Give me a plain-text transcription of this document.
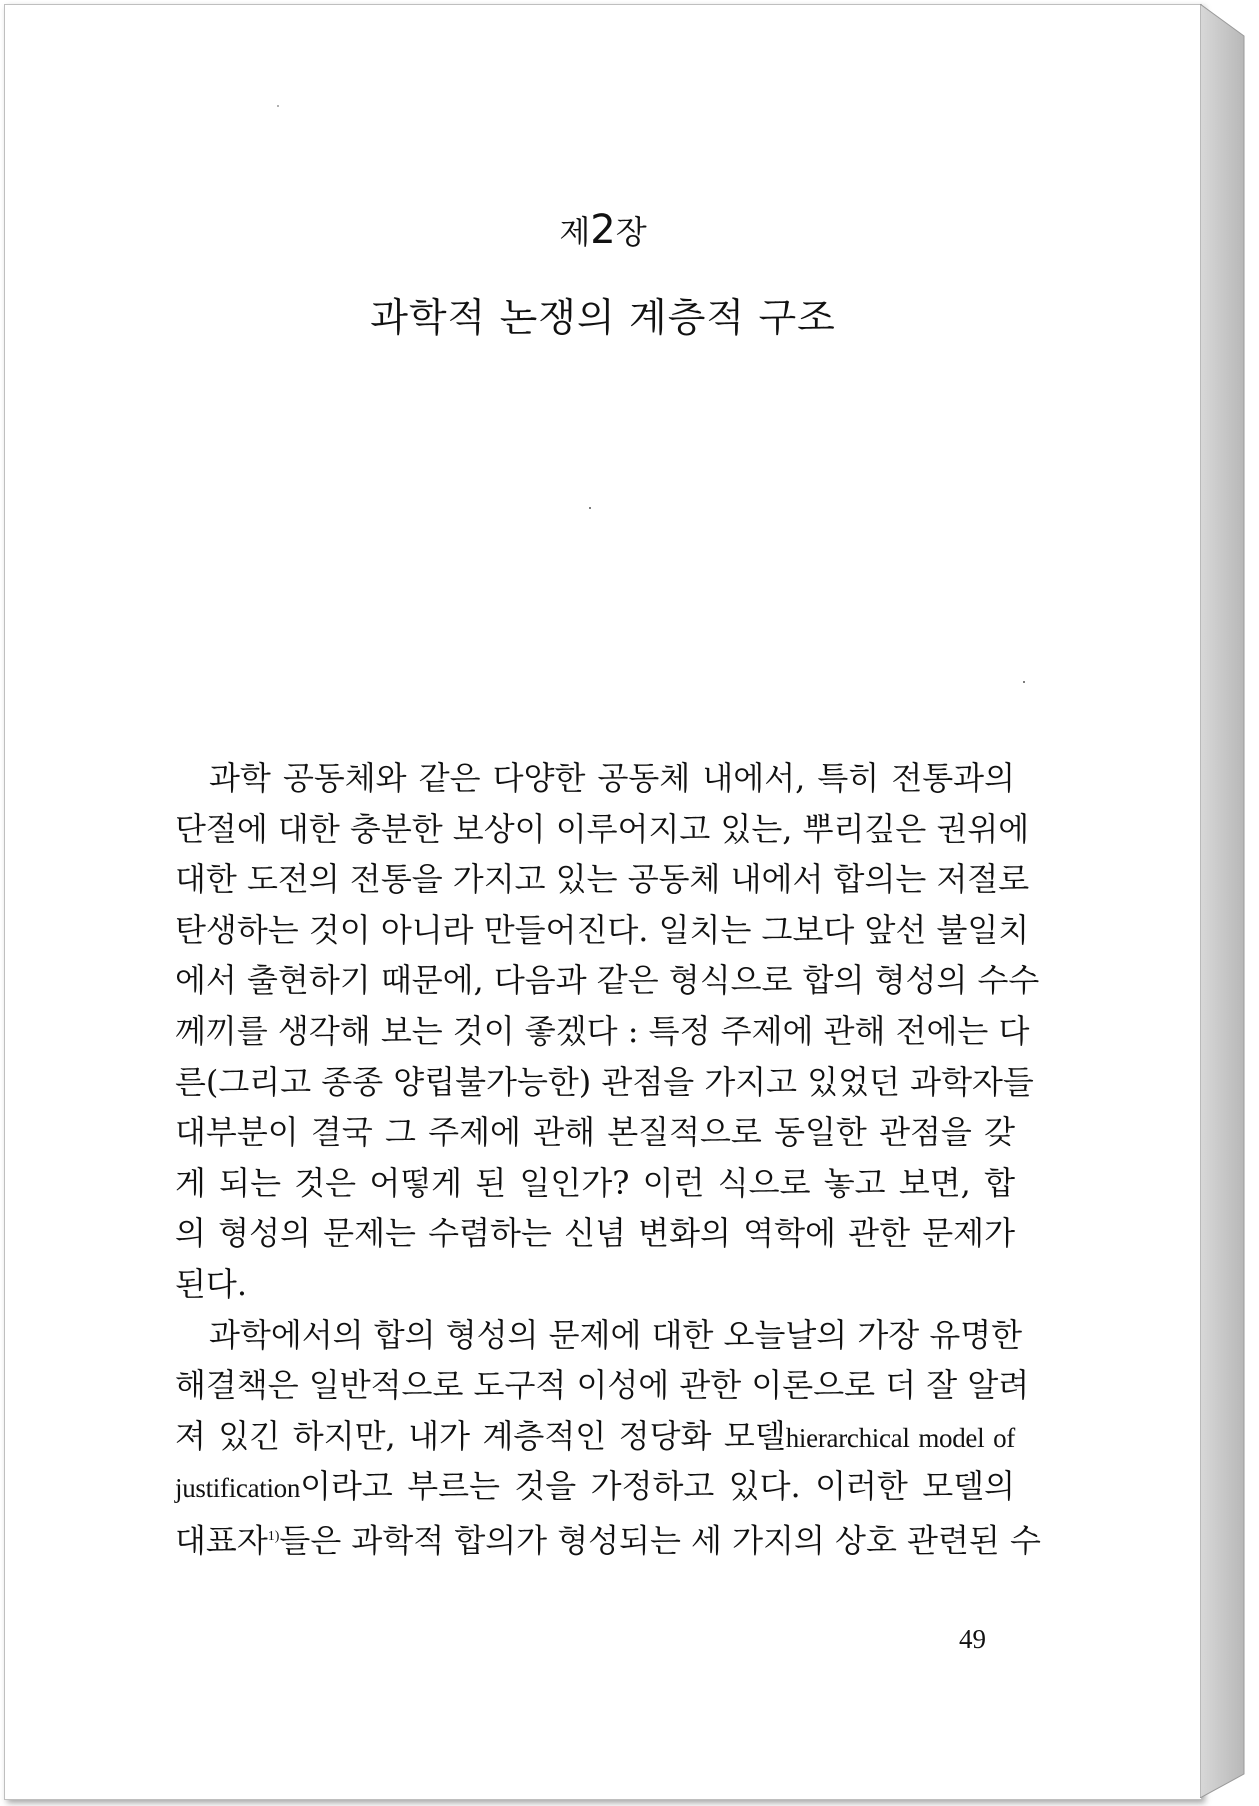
제2장
과학적 논쟁의 계층적 구조
과학 공동체와 같은 다양한 공동체 내에서, 특히 전통과의
단절에 대한 충분한 보상이 이루어지고 있는, 뿌리깊은 권위에
대한 도전의 전통을 가지고 있는 공동체 내에서 합의는 저절로
탄생하는 것이 아니라 만들어진다. 일치는 그보다 앞선 불일치
에서 출현하기 때문에, 다음과 같은 형식으로 합의 형성의 수수
께끼를 생각해 보는 것이 좋겠다 : 특정 주제에 관해 전에는 다
른(그리고 종종 양립불가능한) 관점을 가지고 있었던 과학자들
대부분이 결국 그 주제에 관해 본질적으로 동일한 관점을 갖
게 되는 것은 어떻게 된 일인가? 이런 식으로 놓고 보면, 합
의 형성의 문제는 수렴하는 신념 변화의 역학에 관한 문제가
된다.
과학에서의 합의 형성의 문제에 대한 오늘날의 가장 유명한
해결책은 일반적으로 도구적 이성에 관한 이론으로 더 잘 알려
져 있긴 하지만, 내가 계층적인 정당화 모델hierarchical model of
justification이라고 부르는 것을 가정하고 있다. 이러한 모델의
대표자$^{1)}$들은 과학적 합의가 형성되는 세 가지의 상호 관련된 수
49
